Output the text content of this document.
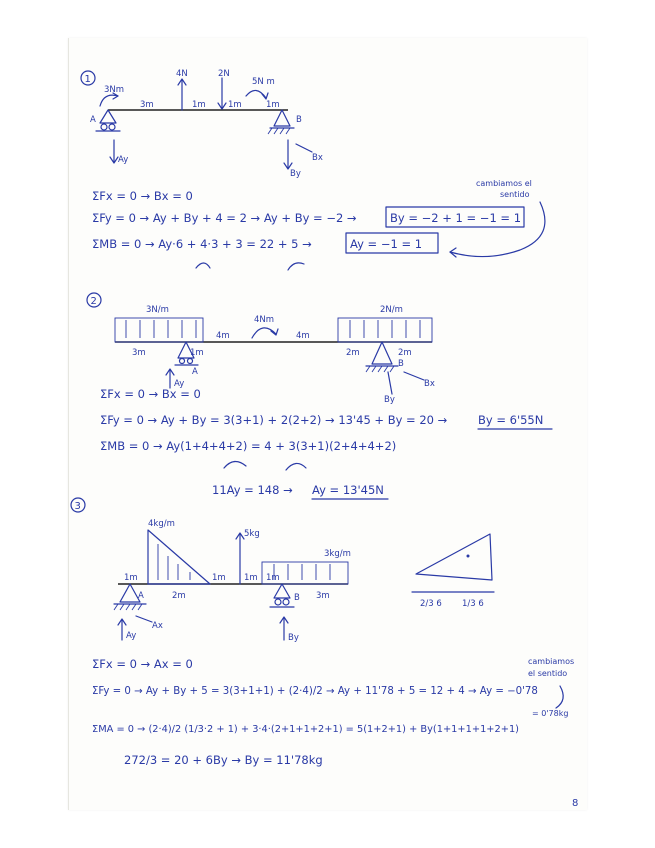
1
A	B
3Nm
4N	2N
5N m
3m	1m	1m	1m
Ay
By
Bx
ΣFx = 0 → Bx = 0
ΣFy = 0 → Ay + By + 4 = 2 → Ay + By = −2 →	By = −2 + 1 = −1 = 1
ΣMB = 0 → Ay·6 + 4·3 + 3 = 22 + 5 →	Ay = −1 = 1
cambiamos el
sentido
2
3N/m	2N/m
4Nm
A
B
3m	1m
4m	4m
2m	2m
Ay	Bx
By
ΣFx = 0 → Bx = 0
ΣFy = 0 → Ay + By = 3(3+1) + 2(2+2) → 13'45 + By = 20 →	By = 6'55N
ΣMB = 0 → Ay(1+4+4+2) = 4 + 3(3+1)(2+4+4+2)
11Ay = 148 → Ay = 13'45N
3
4kg/m
5kg
3kg/m
A	B
1m
2m
1m 1m 1m
3m
Ay
Ax
By
2/3 6 1/3 6
ΣFx = 0 → Ax = 0
ΣFy = 0 → Ay + By + 5 = 3(3+1+1) + (2·4)/2 → Ay + 11'78 + 5 = 12 + 4 → Ay = −0'78
ΣMA = 0 → (2·4)/2 (1/3·2 + 1) + 3·4·(2+1+1+2+1) = 5(1+2+1) + By(1+1+1+1+2+1)
272/3 = 20 + 6By → By = 11'78kg
cambiamos
el sentido
= 0'78kg
8
